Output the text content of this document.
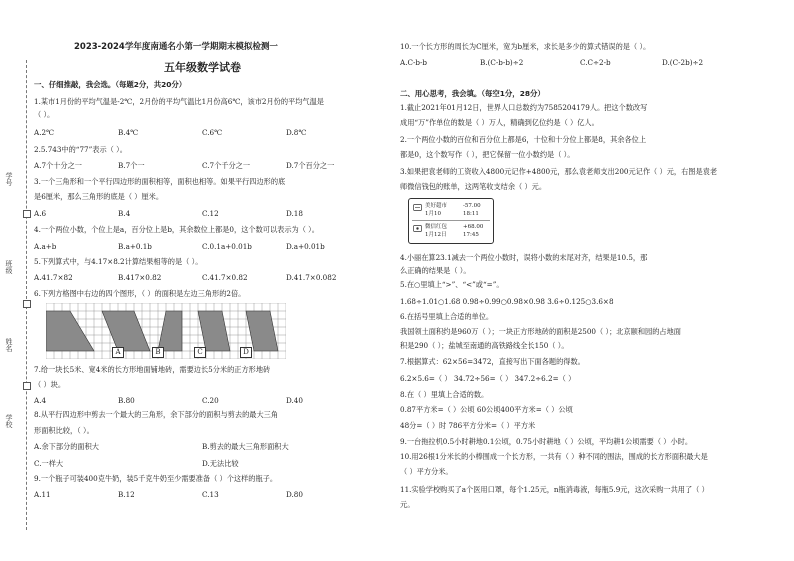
学号
班级
姓名
学校
2023-2024学年度南通名小第一学期期末模拟检测一
五年级数学试卷
一、仔细推敲，我会选。（每题2分，共20分）
1.某市1月份的平均气温是-2℃，2月份的平均气温比1月份高6℃，该市2月份的平均气温是
（ ）。
A.2℃	B.4℃	C.6℃	D.8℃
2.5.743中的“77”表示（ ）。
A.7个十分之一	B.7个一	C.7个千分之一	D.7个百分之一
3.一个三角形和一个平行四边形的面积相等，面积也相等。如果平行四边形的底
是6厘米，那么三角形的底是（ ）厘米。
A.6	B.4	C.12	D.18
4.一个两位小数，个位上是a，百分位上是b，其余数位上都是0，这个数可以表示为（ ）。
A.a+b	B.a+0.1b	C.0.1a+0.01b	D.a+0.01b
5.下列算式中，与4.17×8.2计算结果相等的是（ ）。
A.41.7×82	B.417×0.82	C.41.7×0.82	D.41.7×0.082
6.下列方格图中右边的四个图形，（ ）的面积是左边三角形的2倍。
A	B	C	D
7.给一块长5米、宽4米的长方形地面铺地砖，需要边长5分米的正方形地砖
（ ）块。
A.4	B.80	C.20	D.40
8.从平行四边形中剪去一个最大的三角形，余下部分的面积与剪去的最大三角
形面积比较，（ ）。
A.余下部分的面积大	B.剪去的最大三角形面积大
C.一样大	D.无法比较
9.一个瓶子可装400克牛奶，装5千克牛奶至少需要准备（ ）个这样的瓶子。
A.11	B.12	C.13	D.80
10.一个长方形的周长为C厘米，宽为b厘米，求长是多少的算式错误的是（ ）。
A.C-b-b	B.(C-b-b)÷2	C.C÷2-b	D.(C-2b)÷2
二、用心思考，我会填。（每空1分，28分）
1.截止2021年01月12日，世界人口总数约为7585204179人。把这个数改写
成用“万”作单位的数是（ ）万人，精确到亿位约是（ ）亿人。
2.一个两位小数的百位和百分位上都是6，十位和十分位上都是8，其余各位上
都是0，这个数写作（ ），把它保留一位小数约是（ ）。
3.如果把袁老师的工资收入4800元记作+4800元，那么袁老师支出200元记作（ ）元，右图是袁老
师微信钱包的账单，这两笔收支结余（ ）元。
美好超市	-57.00
1月10	18:11
微信红包	+68.00
1月12日	17:45
4.小丽在算23.1减去一个两位小数时，误将小数的末尾对齐，结果是10.5，那
么正确的结果是（ ）。
5.在○里填上“>”、“<”或“=”。
1.68÷1.01○1.68 0.98÷0.99○0.98×0.98 3.6÷0.125○3.6×8
6.在括号里填上合适的单位。
我国领土面积约是960万（ ）；一块正方形地砖的面积是2500（ ）；北京颐和园的占地面
积是290（ ）；盐城至南通的高铁路线全长150（ ）。
7.根据算式：62×56=3472，直接写出下面各题的得数。
6.2×5.6=（ ） 34.72÷56=（ ） 347.2÷6.2=（ ）
8.在（ ）里填上合适的数。
0.87平方米=（ ）公顷 60公顷400平方米=（ ）公顷
48分=（ ）时 786平方分米=（ ）平方米
9.一台拖拉机0.5小时耕地0.1公顷，0.75小时耕地（ ）公顷，平均耕1公顷需要（ ）小时。
10.用26根1分米长的小棒围成一个长方形，一共有（ ）种不同的围法，围成的长方形面积最大是
（ ）平方分米。
11.实验学校购买了a个医用口罩，每个1.25元，n瓶消毒液，每瓶5.9元，这次采购一共用了（ ）
元。
